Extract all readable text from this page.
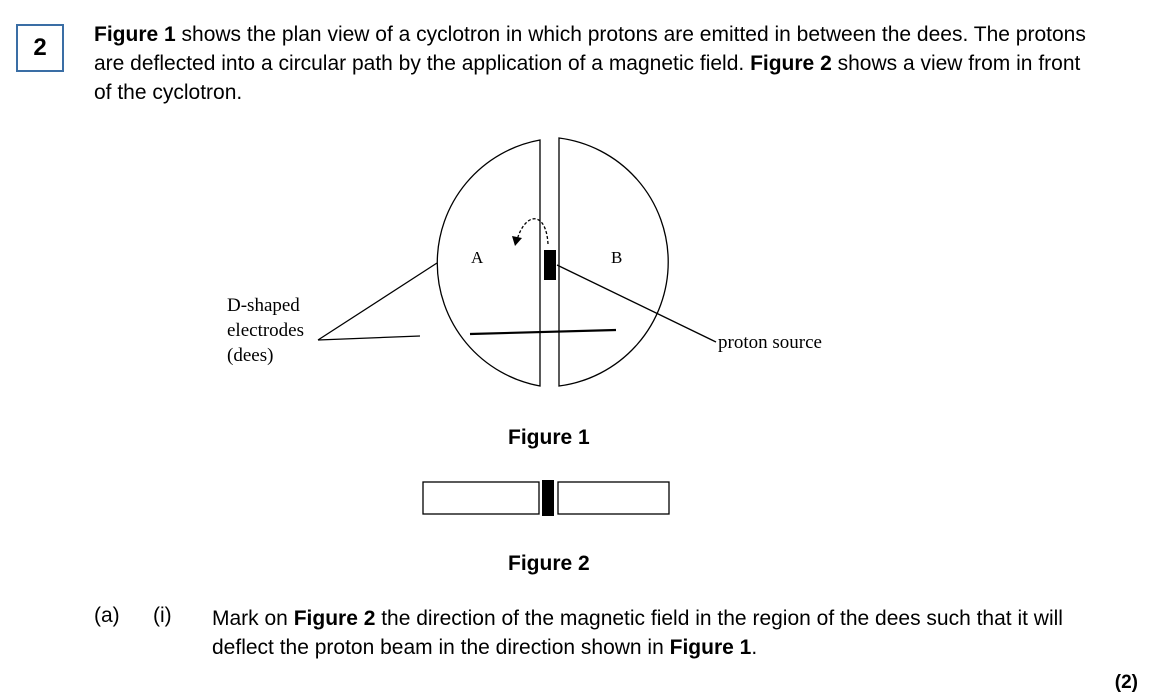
2 Figure 1 shows the plan view of a cyclotron in which protons are emitted in between the dees. The protons are deflected into a circular path by the application of a magnetic field. Figure 2 shows a view from in front of the cyclotron.

A	B
D-shaped
electrodes
(dees)
proton source

Figure 1

Figure 2

(a) (i) Mark on Figure 2 the direction of the magnetic field in the region of the dees such that it will deflect the proton beam in the direction shown in Figure 1.

(2)
